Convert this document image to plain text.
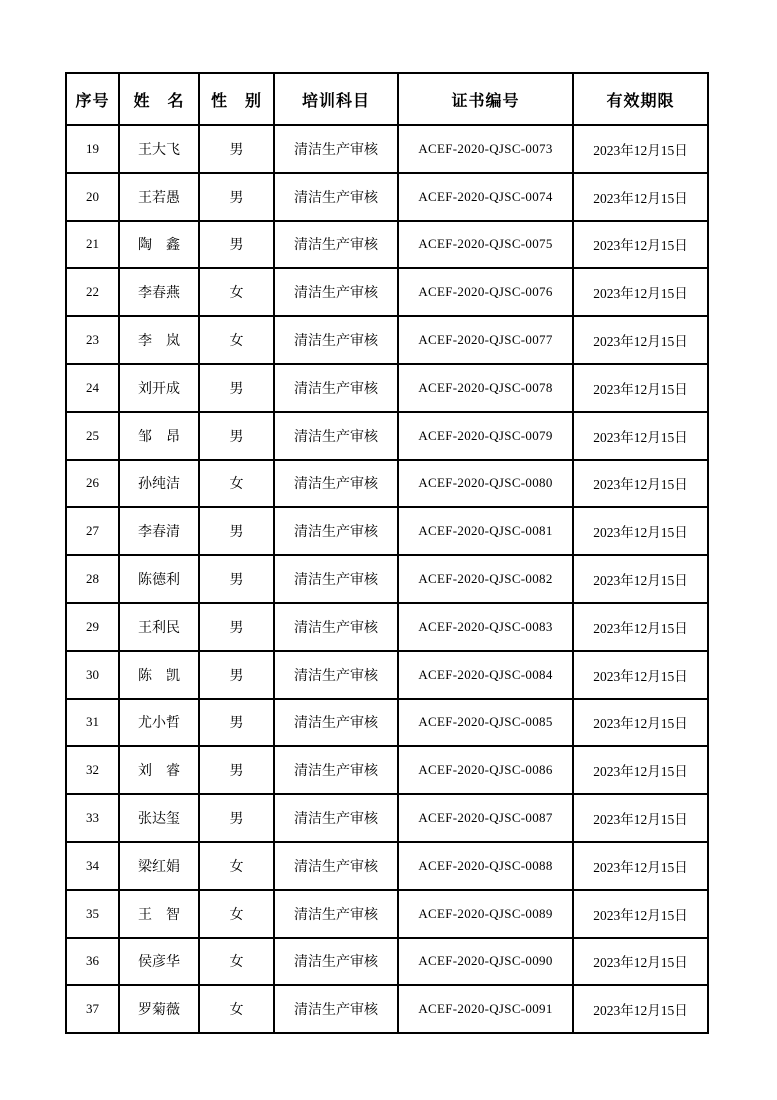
序号	姓　名	性　别	培训科目	证书编号	有效期限
19	王大飞	男	清洁生产审核	ACEF-2020-QJSC-0073	2023年12月15日
20	王若愚	男	清洁生产审核	ACEF-2020-QJSC-0074	2023年12月15日
21	陶　鑫	男	清洁生产审核	ACEF-2020-QJSC-0075	2023年12月15日
22	李春燕	女	清洁生产审核	ACEF-2020-QJSC-0076	2023年12月15日
23	李　岚	女	清洁生产审核	ACEF-2020-QJSC-0077	2023年12月15日
24	刘开成	男	清洁生产审核	ACEF-2020-QJSC-0078	2023年12月15日
25	邹　昂	男	清洁生产审核	ACEF-2020-QJSC-0079	2023年12月15日
26	孙纯洁	女	清洁生产审核	ACEF-2020-QJSC-0080	2023年12月15日
27	李春清	男	清洁生产审核	ACEF-2020-QJSC-0081	2023年12月15日
28	陈德利	男	清洁生产审核	ACEF-2020-QJSC-0082	2023年12月15日
29	王利民	男	清洁生产审核	ACEF-2020-QJSC-0083	2023年12月15日
30	陈　凯	男	清洁生产审核	ACEF-2020-QJSC-0084	2023年12月15日
31	尤小哲	男	清洁生产审核	ACEF-2020-QJSC-0085	2023年12月15日
32	刘　睿	男	清洁生产审核	ACEF-2020-QJSC-0086	2023年12月15日
33	张达玺	男	清洁生产审核	ACEF-2020-QJSC-0087	2023年12月15日
34	梁红娟	女	清洁生产审核	ACEF-2020-QJSC-0088	2023年12月15日
35	王　智	女	清洁生产审核	ACEF-2020-QJSC-0089	2023年12月15日
36	侯彦华	女	清洁生产审核	ACEF-2020-QJSC-0090	2023年12月15日
37	罗菊薇	女	清洁生产审核	ACEF-2020-QJSC-0091	2023年12月15日
